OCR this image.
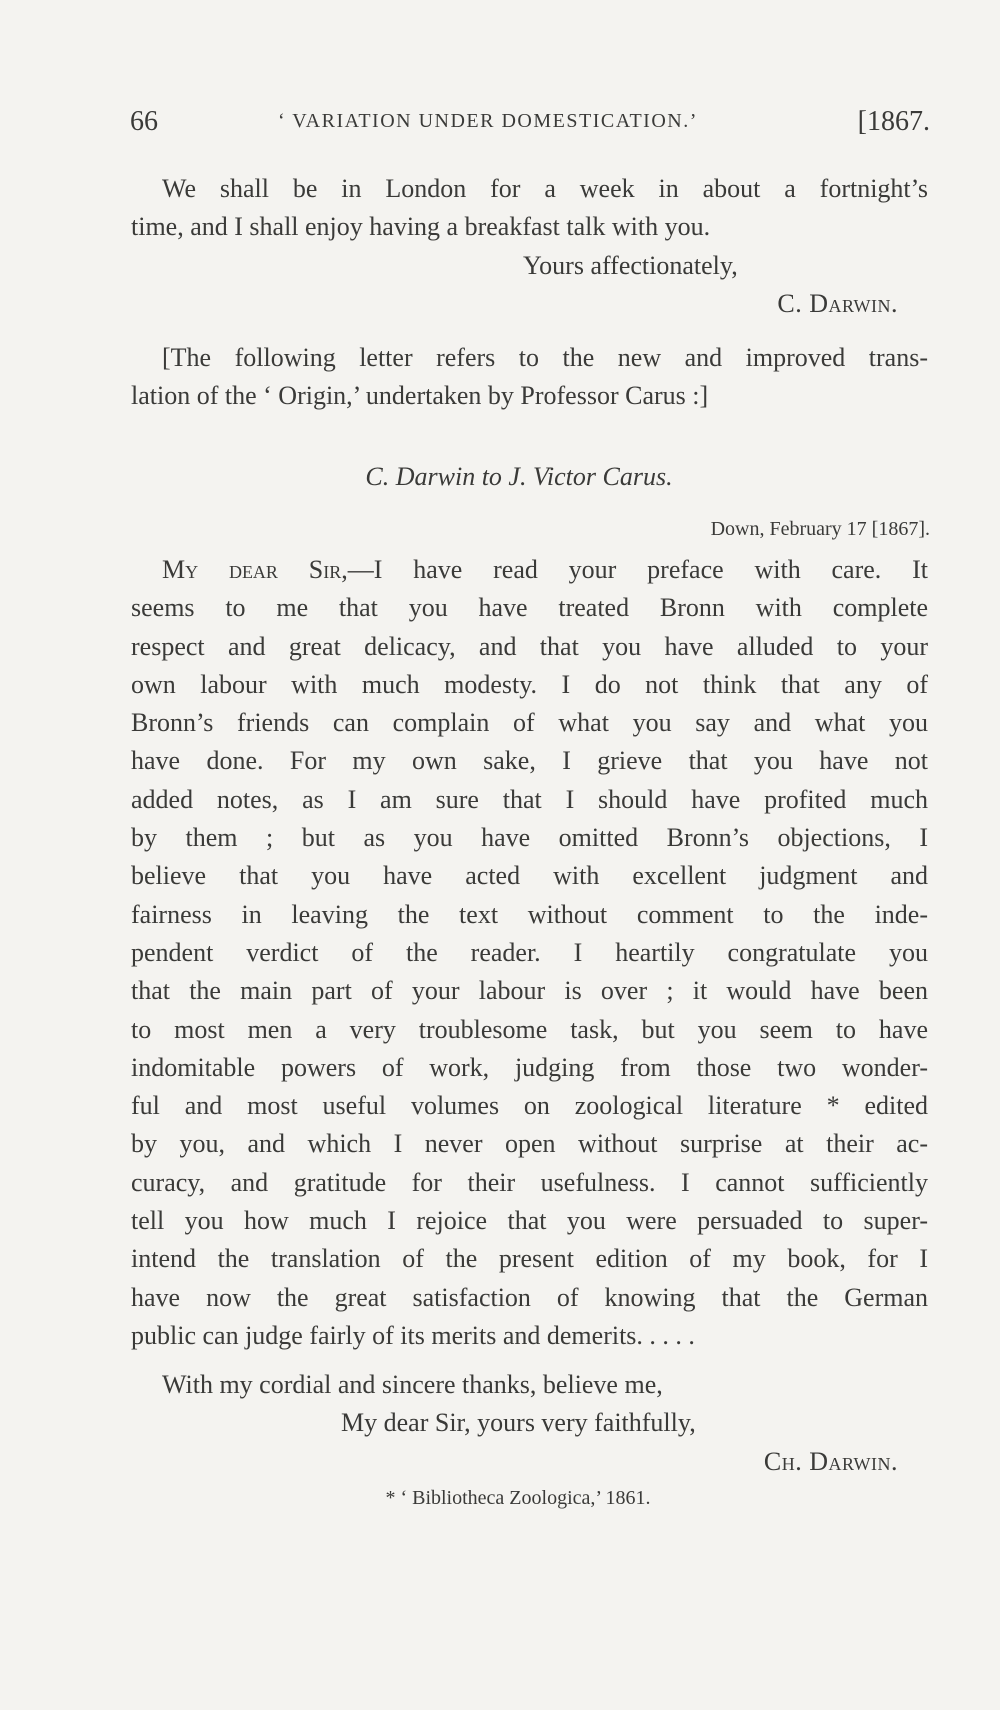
66	‘ VARIATION UNDER DOMESTICATION.’	[1867.
We shall be in London for a week in about a fortnight’s
time, and I shall enjoy having a breakfast talk with you.
Yours affectionately,
C. Darwin.
[The following letter refers to the new and improved trans-
lation of the ‘ Origin,’ undertaken by Professor Carus :]
C. Darwin to J. Victor Carus.
Down, February 17 [1867].
My dear Sir,—I have read your preface with care. It
seems to me that you have treated Bronn with complete
respect and great delicacy, and that you have alluded to your
own labour with much modesty. I do not think that any of
Bronn’s friends can complain of what you say and what you
have done. For my own sake, I grieve that you have not
added notes, as I am sure that I should have profited much
by them ; but as you have omitted Bronn’s objections, I
believe that you have acted with excellent judgment and
fairness in leaving the text without comment to the inde-
pendent verdict of the reader. I heartily congratulate you
that the main part of your labour is over ; it would have been
to most men a very troublesome task, but you seem to have
indomitable powers of work, judging from those two wonder-
ful and most useful volumes on zoological literature * edited
by you, and which I never open without surprise at their ac-
curacy, and gratitude for their usefulness. I cannot sufficiently
tell you how much I rejoice that you were persuaded to super-
intend the translation of the present edition of my book, for I
have now the great satisfaction of knowing that the German
public can judge fairly of its merits and demerits. . . . .
With my cordial and sincere thanks, believe me,
My dear Sir, yours very faithfully,
Ch. Darwin.
* ‘ Bibliotheca Zoologica,’ 1861.
